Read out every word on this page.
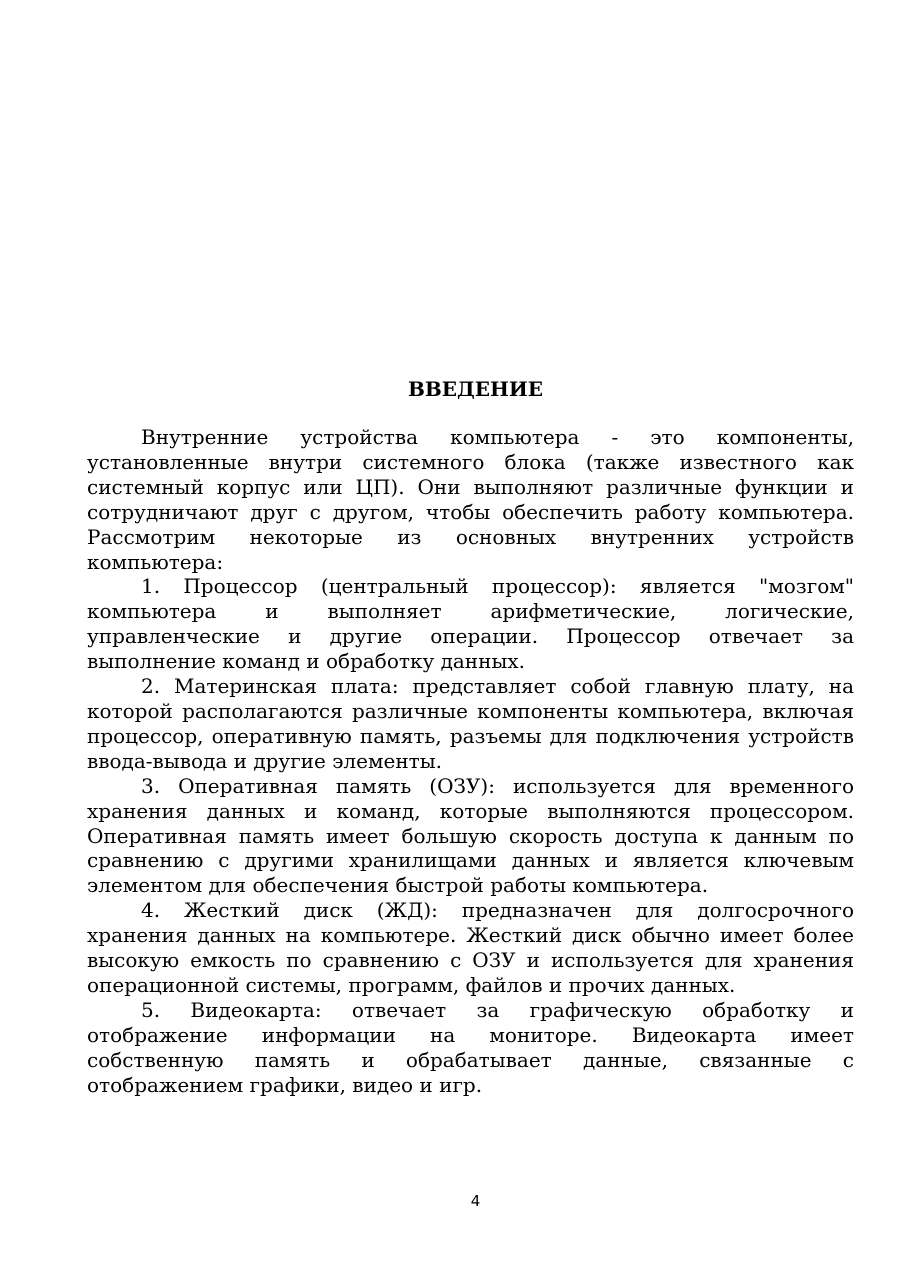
ВВЕДЕНИЕ

Внутренние устройства компьютера - это компоненты, установленные внутри системного блока (также известного как системный корпус или ЦП). Они выполняют различные функции и сотрудничают друг с другом, чтобы обеспечить работу компьютера. Рассмотрим некоторые из основных внутренних устройств компьютера:

1. Процессор (центральный процессор): является "мозгом" компьютера и выполняет арифметические, логические, управленческие и другие операции. Процессор отвечает за выполнение команд и обработку данных.

2. Материнская плата: представляет собой главную плату, на которой располагаются различные компоненты компьютера, включая процессор, оперативную память, разъемы для подключения устройств ввода-вывода и другие элементы.

3. Оперативная память (ОЗУ): используется для временного хранения данных и команд, которые выполняются процессором. Оперативная память имеет большую скорость доступа к данным по сравнению с другими хранилищами данных и является ключевым элементом для обеспечения быстрой работы компьютера.

4. Жесткий диск (ЖД): предназначен для долгосрочного хранения данных на компьютере. Жесткий диск обычно имеет более высокую емкость по сравнению с ОЗУ и используется для хранения операционной системы, программ, файлов и прочих данных.

5. Видеокарта: отвечает за графическую обработку и отображение информации на мониторе. Видеокарта имеет собственную память и обрабатывает данные, связанные с отображением графики, видео и игр.

4
